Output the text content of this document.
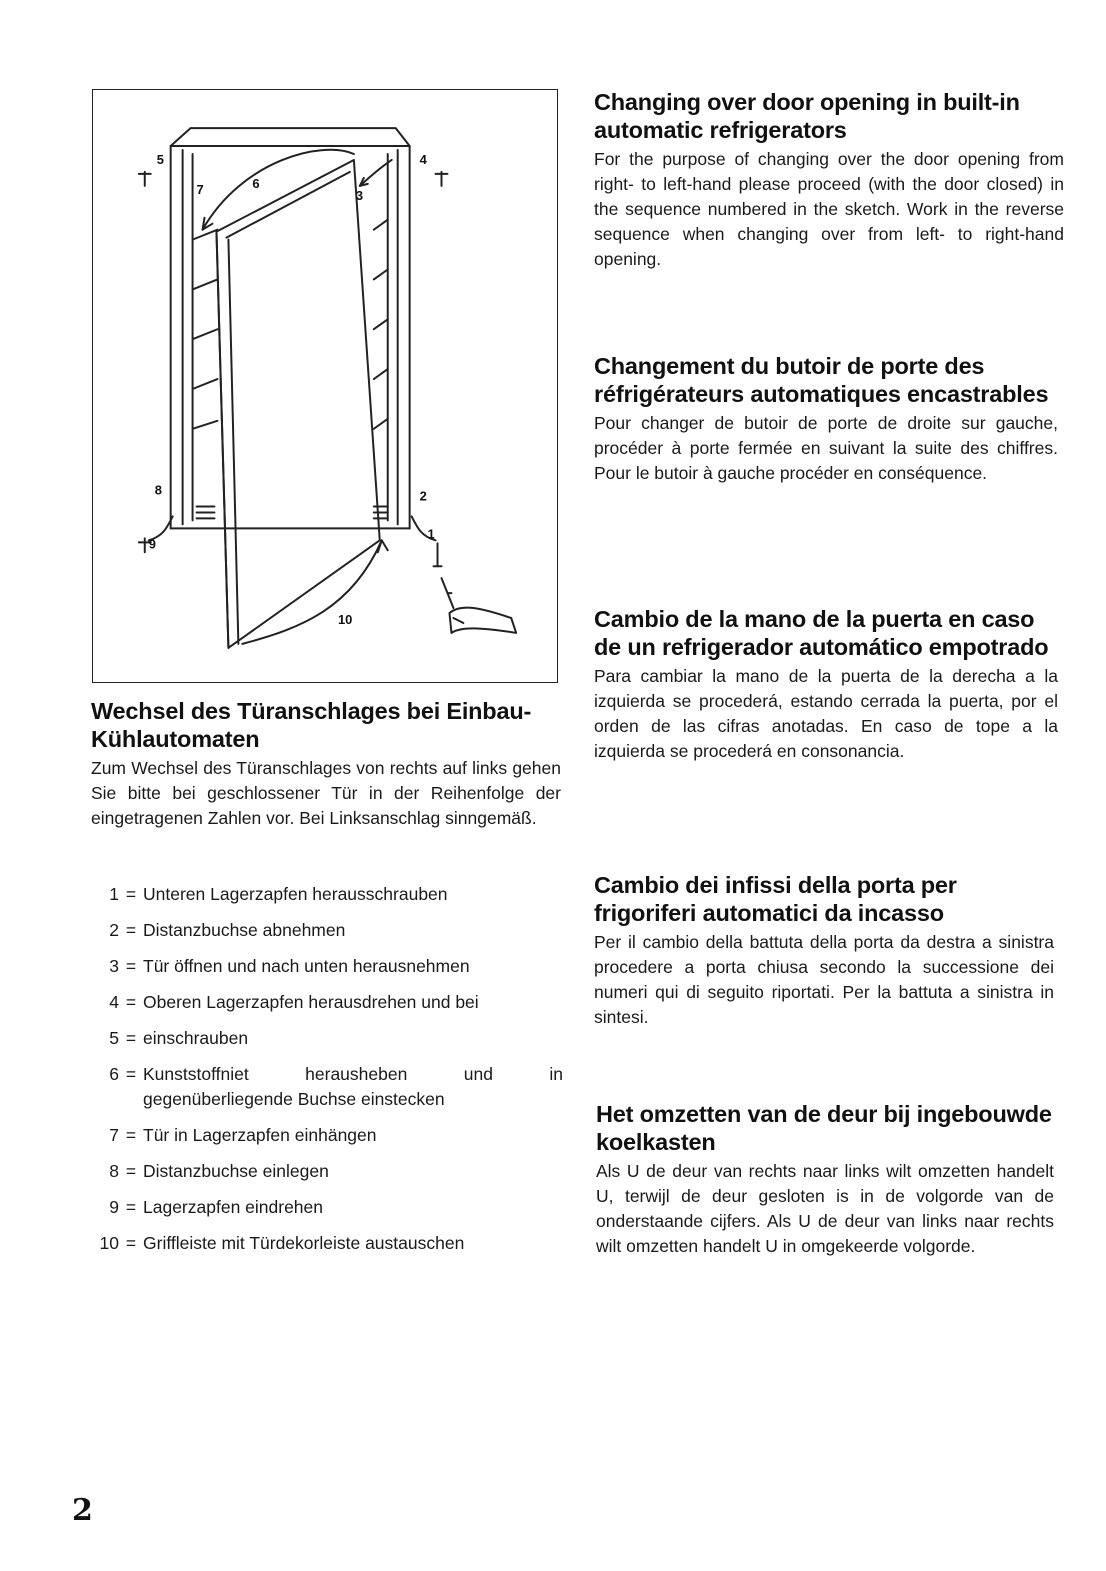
1
2
3
4
5
6
7
8
9
10
Changing over door opening in built-in automatic refrigerators

For the purpose of changing over the door opening from right- to left-hand please proceed (with the door closed) in the sequence numbered in the sketch. Work in the reverse sequence when changing over from left- to right-hand opening.

Changement du butoir de porte des réfrigérateurs automatiques encastrables

Pour changer de butoir de porte de droite sur gauche, procéder à porte fermée en suivant la suite des chiffres. Pour le butoir à gauche procéder en conséquence.

Cambio de la mano de la puerta en caso de un refrigerador automático empotrado

Para cambiar la mano de la puerta de la derecha a la izquierda se procederá, estando cerrada la puerta, por el orden de las cifras anotadas. En caso de tope a la izquierda se procederá en consonancia.

Cambio dei infissi della porta per frigoriferi automatici da incasso

Per il cambio della battuta della porta da destra a sinistra procedere a porta chiusa secondo la successione dei numeri qui di seguito riportati. Per la battuta a sinistra in sintesi.

Het omzetten van de deur bij ingebouwde koelkasten

Als U de deur van rechts naar links wilt omzetten handelt U, terwijl de deur gesloten is in de volgorde van de onderstaande cijfers. Als U de deur van links naar rechts wilt omzetten handelt U in omgekeerde volgorde.

Wechsel des Türanschlages bei Einbau-Kühlautomaten

Zum Wechsel des Türanschlages von rechts auf links gehen Sie bitte bei geschlossener Tür in der Reihenfolge der eingetragenen Zahlen vor. Bei Linksanschlag sinngemäß.

1 = Unteren Lagerzapfen herausschrauben
2 = Distanzbuchse abnehmen
3 = Tür öffnen und nach unten herausnehmen
4 = Oberen Lagerzapfen herausdrehen und bei
5 = einschrauben
6 = Kunststoffniet herausheben und in gegenüberliegende Buchse einstecken
7 = Tür in Lagerzapfen einhängen
8 = Distanzbuchse einlegen
9 = Lagerzapfen eindrehen
10 = Griffleiste mit Türdekorleiste austauschen
2
